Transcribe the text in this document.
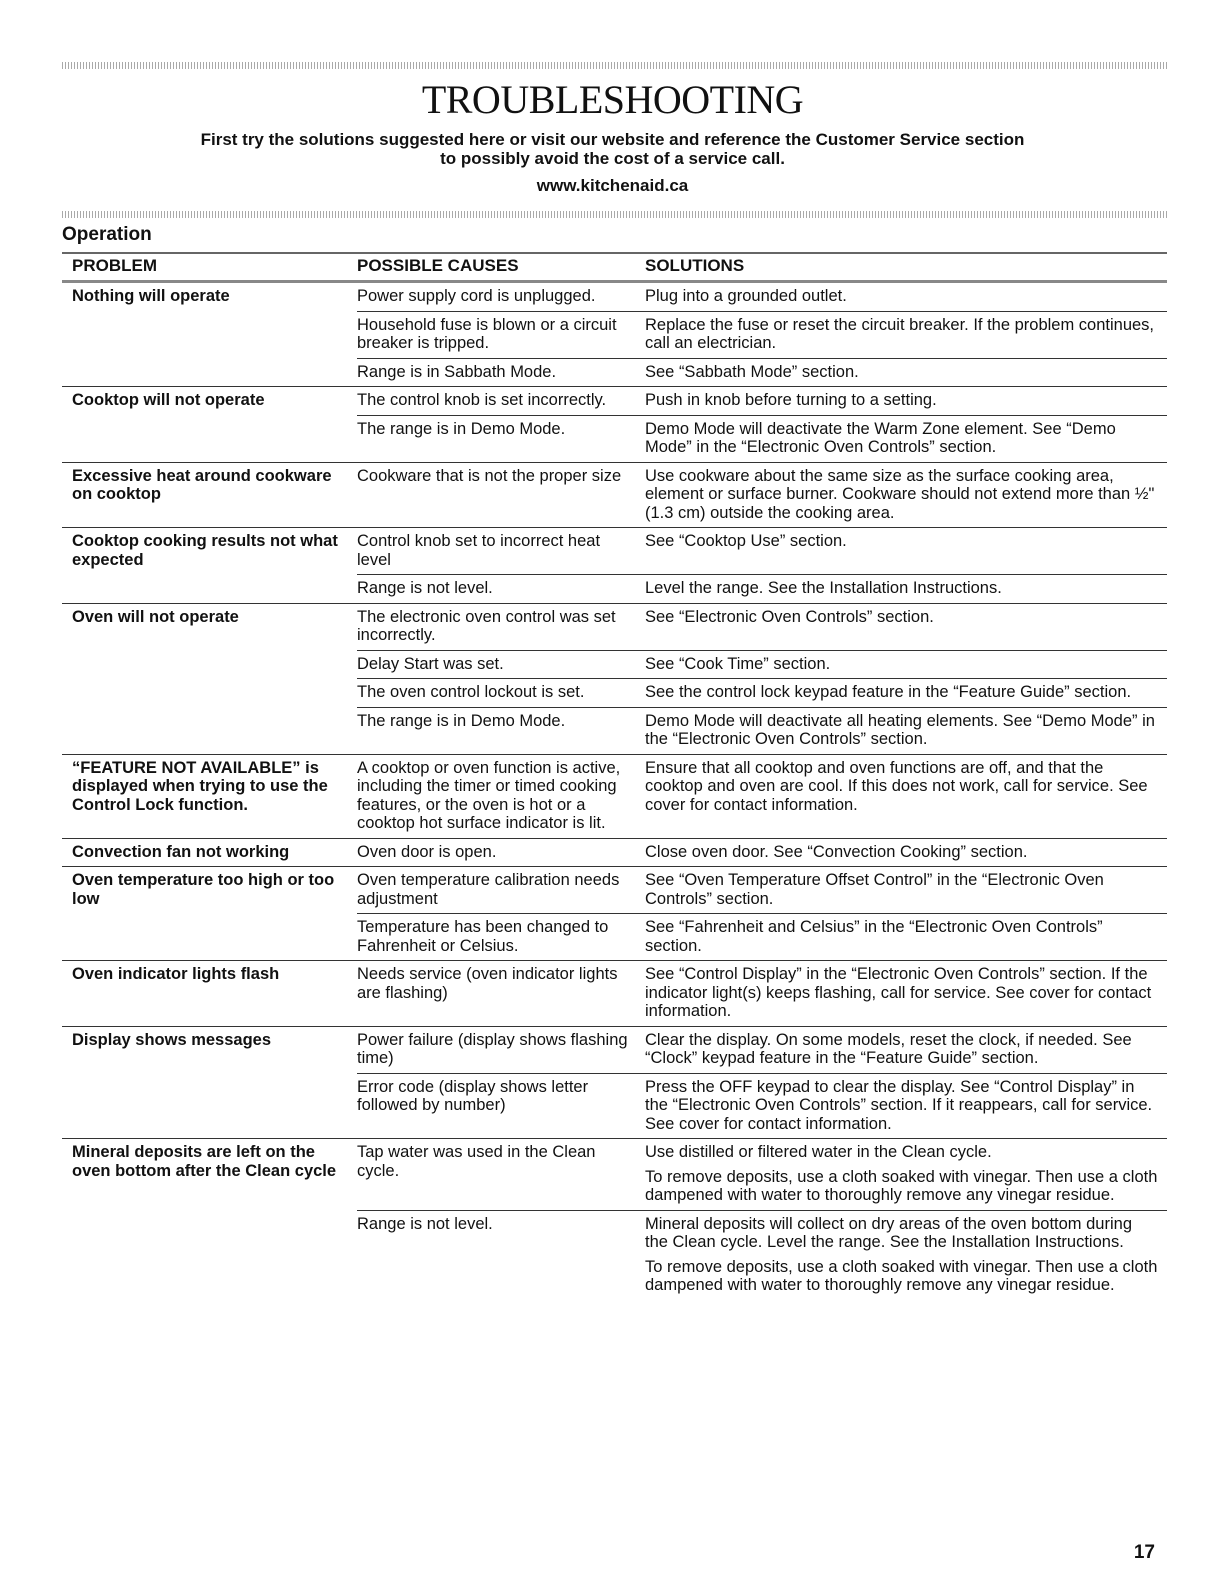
TROUBLESHOOTING
First try the solutions suggested here or visit our website and reference the Customer Service section
to possibly avoid the cost of a service call.
www.kitchenaid.ca
Operation
PROBLEM	POSSIBLE CAUSES	SOLUTIONS
Nothing will operate	Power supply cord is unplugged.	Plug into a grounded outlet.

	Household fuse is blown or a circuit breaker is tripped.	Replace the fuse or reset the circuit breaker. If the problem continues, call an electrician.

	Range is in Sabbath Mode.	See “Sabbath Mode” section.

Cooktop will not operate	The control knob is set incorrectly.	Push in knob before turning to a setting.

	The range is in Demo Mode.	Demo Mode will deactivate the Warm Zone element. See “Demo Mode” in the “Electronic Oven Controls” section.

Excessive heat around cookware on cooktop	Cookware that is not the proper size	Use cookware about the same size as the surface cooking area, element or surface burner. Cookware should not extend more than ½" (1.3 cm) outside the cooking area.

Cooktop cooking results not what expected	Control knob set to incorrect heat level	See “Cooktop Use” section.

	Range is not level.	Level the range. See the Installation Instructions.

Oven will not operate	The electronic oven control was set incorrectly.	See “Electronic Oven Controls” section.

	Delay Start was set.	See “Cook Time” section.

	The oven control lockout is set.	See the control lock keypad feature in the “Feature Guide” section.

	The range is in Demo Mode.	Demo Mode will deactivate all heating elements. See “Demo Mode” in the “Electronic Oven Controls” section.

“FEATURE NOT AVAILABLE” is displayed when trying to use the Control Lock function.	A cooktop or oven function is active, including the timer or timed cooking features, or the oven is hot or a cooktop hot surface indicator is lit.	Ensure that all cooktop and oven functions are off, and that the cooktop and oven are cool. If this does not work, call for service. See cover for contact information.

Convection fan not working	Oven door is open.	Close oven door. See “Convection Cooking” section.

Oven temperature too high or too low	Oven temperature calibration needs adjustment	See “Oven Temperature Offset Control” in the “Electronic Oven Controls” section.

	Temperature has been changed to Fahrenheit or Celsius.	See “Fahrenheit and Celsius” in the “Electronic Oven Controls” section.

Oven indicator lights flash	Needs service (oven indicator lights are flashing)	See “Control Display” in the “Electronic Oven Controls” section. If the indicator light(s) keeps flashing, call for service. See cover for contact information.

Display shows messages	Power failure (display shows flashing time)	Clear the display. On some models, reset the clock, if needed. See “Clock” keypad feature in the “Feature Guide” section.

	Error code (display shows letter followed by number)	Press the OFF keypad to clear the display. See “Control Display” in the “Electronic Oven Controls” section. If it reappears, call for service. See cover for contact information.

Mineral deposits are left on the oven bottom after the Clean cycle	Tap water was used in the Clean cycle.	Use distilled or filtered water in the Clean cycle.
To remove deposits, use a cloth soaked with vinegar. Then use a cloth dampened with water to thoroughly remove any vinegar residue.

	Range is not level.	Mineral deposits will collect on dry areas of the oven bottom during the Clean cycle. Level the range. See the Installation Instructions.
To remove deposits, use a cloth soaked with vinegar. Then use a cloth dampened with water to thoroughly remove any vinegar residue.
17
